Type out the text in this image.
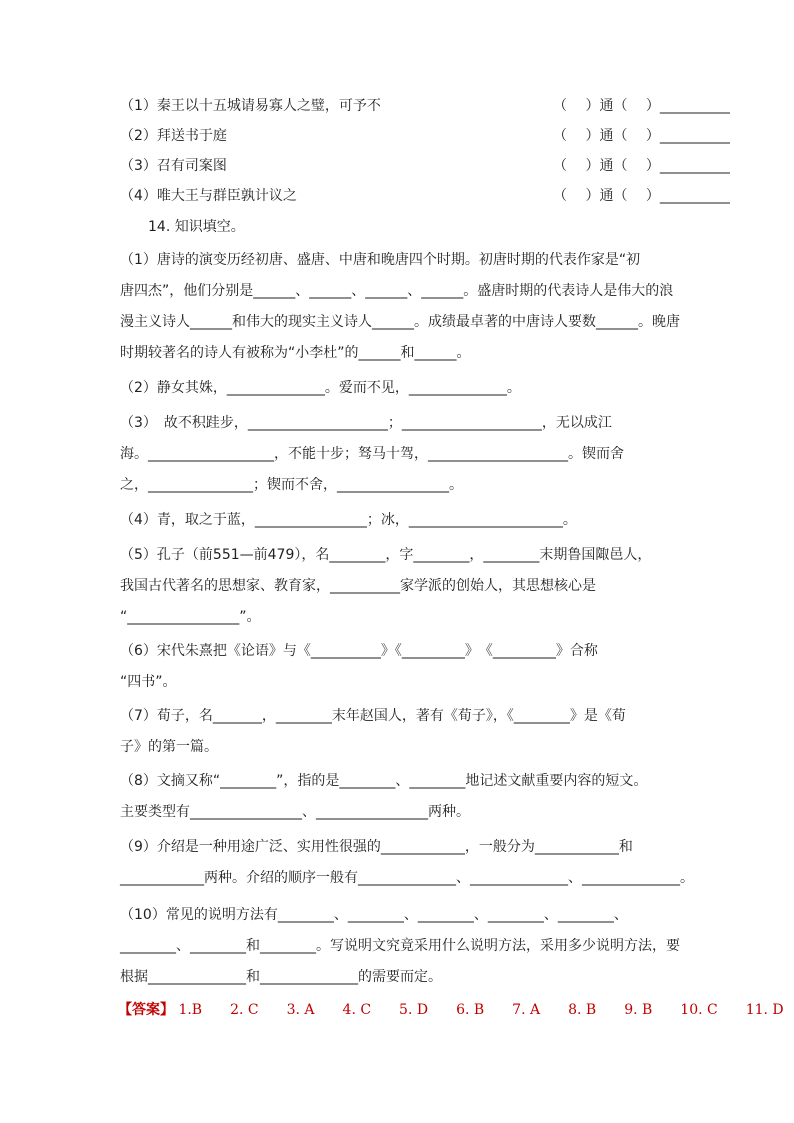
（1）秦王以十五城请易寡人之璧，可予不	（　 ）通（　 ）__________
（2）拜送书于庭	（　 ）通（　 ）__________
（3）召有司案图	（　 ）通（　 ）__________
（4）唯大王与群臣孰计议之	（　 ）通（　 ）__________
14. 知识填空。
（1）唐诗的演变历经初唐、盛唐、中唐和晚唐四个时期。初唐时期的代表作家是“初
唐四杰”，他们分别是______、______、______、______。盛唐时期的代表诗人是伟大的浪
漫主义诗人______和伟大的现实主义诗人______。成绩最卓著的中唐诗人要数______。晚唐
时期较著名的诗人有被称为“小李杜”的______和______。
（2）静女其姝，______________。爱而不见，______________。
（3）　故不积跬步，____________________；____________________，无以成江
海。__________________，不能十步；驽马十驾，____________________。锲而舍
之，_______________；锲而不舍，________________。
（4）青，取之于蓝，________________；冰，______________________。
（5）孔子（前551—前479），名________，字________，________末期鲁国陬邑人，
我国古代著名的思想家、教育家，__________家学派的创始人，其思想核心是
“________________”。
（6）宋代朱熹把《论语》与《__________》《_________》　《_________》合称
“四书”。
（7）荀子，名_______，________末年赵国人，著有《荀子》，《________》是《荀
子》的第一篇。
（8）文摘又称“________”，指的是________、________地记述文献重要内容的短文。
主要类型有________________、________________两种。
（9）介绍是一种用途广泛、实用性很强的____________，一般分为____________和
____________两种。介绍的顺序一般有______________、______________、______________。
（10）常见的说明方法有________、________、________、________、________、
________、________和________。写说明文究竟采用什么说明方法，采用多少说明方法，要
根据______________和______________的需要而定。
【答案】 1.B　　2. C　　3. A　　4. C　　5. D　　6. B　　7. A　　8. B　　9. B　　10. C　　11. D
